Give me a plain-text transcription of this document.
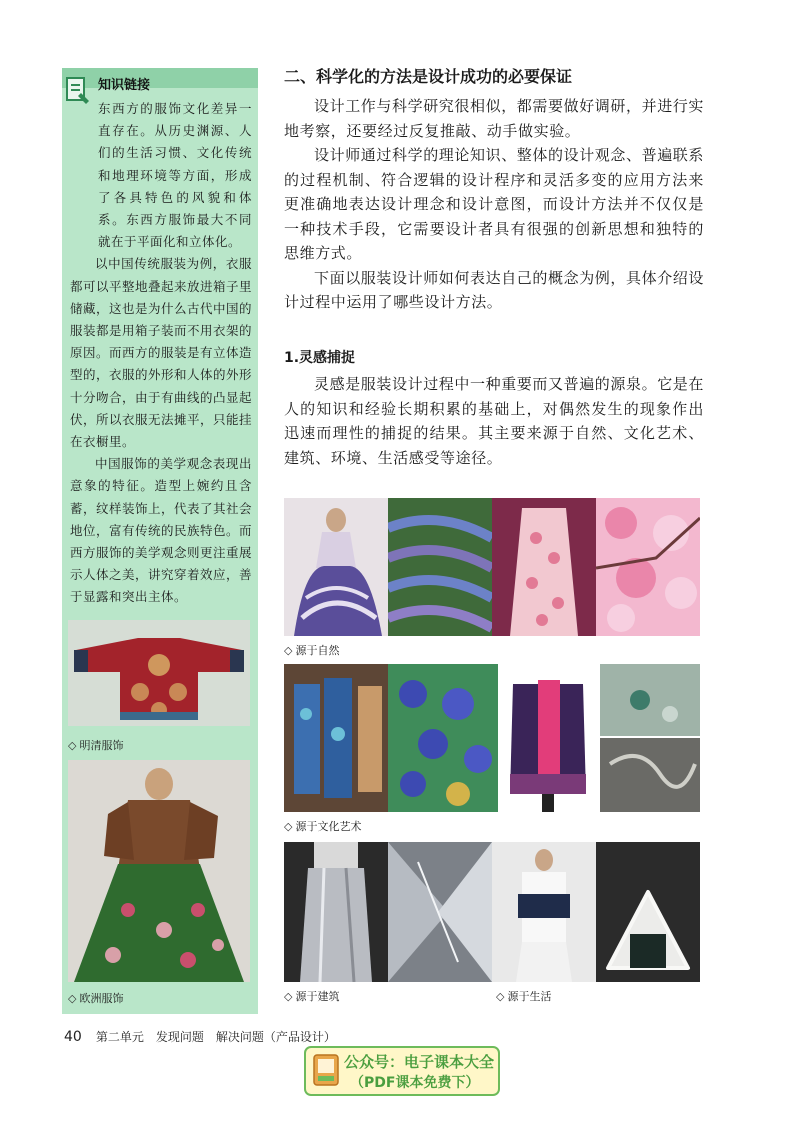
知识链接

东西方的服饰文化差异一直存在。从历史渊源、人们的生活习惯、文化传统和地理环境等方面，形成了各具特色的风貌和体系。东西方服饰最大不同就在于平面化和立体化。

以中国传统服装为例，衣服都可以平整地叠起来放进箱子里储藏，这也是为什么古代中国的服装都是用箱子装而不用衣架的原因。而西方的服装是有立体造型的，衣服的外形和人体的外形十分吻合，由于有曲线的凸显起伏，所以衣服无法摊平，只能挂在衣橱里。

中国服饰的美学观念表现出意象的特征。造型上婉约且含蓄，纹样装饰上，代表了其社会地位，富有传统的民族特色。而西方服饰的美学观念则更注重展示人体之美，讲究穿着效应，善于显露和突出主体。

◇ 明清服饰
◇ 欧洲服饰
二、科学化的方法是设计成功的必要保证

设计工作与科学研究很相似，都需要做好调研，并进行实地考察，还要经过反复推敲、动手做实验。

设计师通过科学的理论知识、整体的设计观念、普遍联系的过程机制、符合逻辑的设计程序和灵活多变的应用方法来更准确地表达设计理念和设计意图，而设计方法并不仅仅是一种技术手段，它需要设计者具有很强的创新思想和独特的思维方式。

下面以服装设计师如何表达自己的概念为例，具体介绍设计过程中运用了哪些设计方法。

1.灵感捕捉

灵感是服装设计过程中一种重要而又普遍的源泉。它是在人的知识和经验长期积累的基础上，对偶然发生的现象作出迅速而理性的捕捉的结果。其主要来源于自然、文化艺术、建筑、环境、生活感受等途径。

◇ 源于自然
◇ 源于文化艺术
◇ 源于建筑	◇ 源于生活
40 第二单元　发现问题　解决问题（产品设计）
公众号：电子课本大全
（PDF课本免费下）
